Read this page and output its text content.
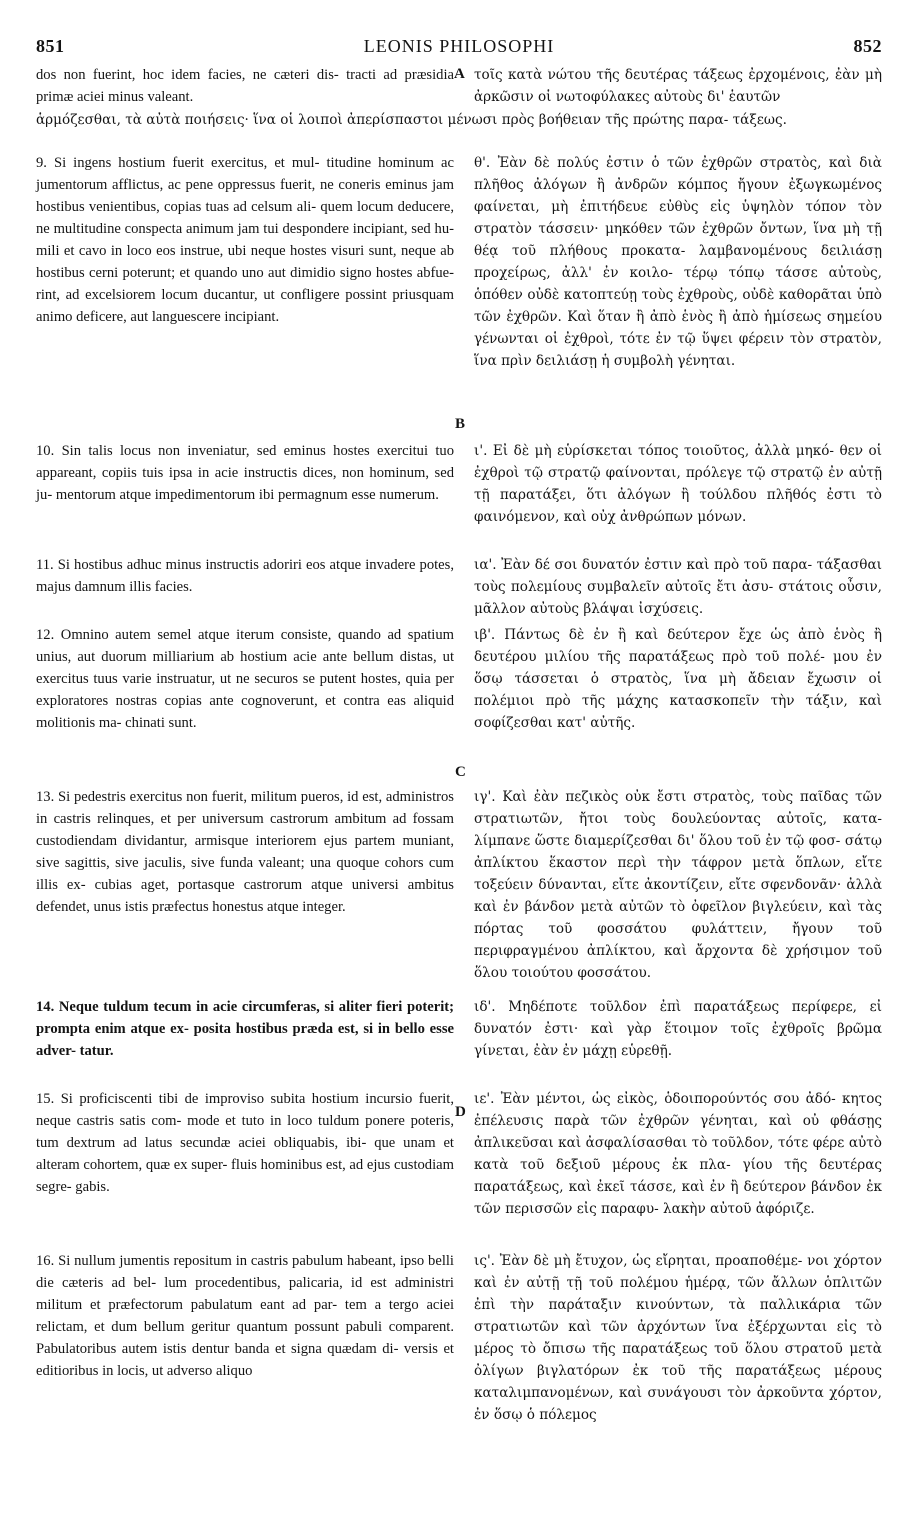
851	LEONIS PHILOSOPHI	852

dos non fuerint, hoc idem facies, ne cæteri dis- tracti ad præsidia primæ aciei minus valeant.

τοῖς κατὰ νώτου τῆς δευτέρας τάξεως ἐρχομένοις, ἐὰν μὴ ἀρκῶσιν οἱ νωτοφύλακες αὐτοὺς δι' ἑαυτῶν

ἁρμόζεσθαι, τὰ αὐτὰ ποιήσεις· ἵνα οἱ λοιποὶ ἀπερίσπαστοι μένωσι πρὸς βοήθειαν τῆς πρώτης παρα- τάξεως.

9. Si ingens hostium fuerit exercitus, et mul- titudine hominum ac jumentorum afflictus, ac pene oppressus fuerit, ne coneris eminus jam hostibus venientibus, copias tuas ad celsum ali- quem locum deducere, ne multitudine conspecta animum jam tui despondere incipiant, sed hu- mili et cavo in loco eos instrue, ubi neque hostes visuri sunt, neque ab hostibus cerni poterunt; et quando uno aut dimidio signo hostes abfue- rint, ad excelsiorem locum ducantur, ut confligere possint priusquam animo deficere, aut languescere incipiant.

10. Sin talis locus non inveniatur, sed eminus hostes exercitui tuo appareant, copiis tuis ipsa in acie instructis dices, non hominum, sed ju- mentorum atque impedimentorum ibi permagnum esse numerum.

11. Si hostibus adhuc minus instructis adoriri eos atque invadere potes, majus damnum illis facies.

12. Omnino autem semel atque iterum consiste, quando ad spatium unius, aut duorum milliarium ab hostium acie ante bellum distas, ut exercitus tuus varie instruatur, ut ne securos se putent hostes, quia per exploratores nostras copias ante cognoverunt, et contra eas aliquid molitionis ma- chinati sunt.

13. Si pedestris exercitus non fuerit, militum pueros, id est, administros in castris relinques, et per universum castrorum ambitum ad fossam custodiendam dividantur, armisque interiorem ejus partem muniant, sive sagittis, sive jaculis, sive funda valeant; una quoque cohors cum illis ex- cubias aget, portasque castrorum atque universi ambitus defendet, unus istis præfectus honestus atque integer.

14. Neque tuldum tecum in acie circumferas, si aliter fieri poterit; prompta enim atque ex- posita hostibus præda est, si in bello esse adver- tatur.

15. Si proficiscenti tibi de improviso subita hostium incursio fuerit, neque castris satis com- mode et tuto in loco tuldum ponere poteris, tum dextrum ad latus secundæ aciei obliquabis, ibi- que unam et alteram cohortem, quæ ex super- fluis hominibus est, ad ejus custodiam segre- gabis.

16. Si nullum jumentis repositum in castris pabulum habeant, ipso belli die cæteris ad bel- lum procedentibus, palicaria, id est administri militum et præfectorum pabulatum eant ad par- tem a tergo aciei relictam, et dum bellum geritur quantum possunt pabuli comparent. Pabulatoribus autem istis dentur banda et signa quædam di- versis et editioribus in locis, ut adverso aliquo

θ'. Ἐὰν δὲ πολύς ἐστιν ὁ τῶν ἐχθρῶν στρατὸς, καὶ διὰ πλῆθος ἀλόγων ἢ ἀνδρῶν κόμπος ἤγουν ἐξωγκωμένος φαίνεται, μὴ ἐπιτήδευε εὐθὺς εἰς ὑψηλὸν τόπον τὸν στρατὸν τάσσειν· μηκόθεν τῶν ἐχθρῶν ὄντων, ἵνα μὴ τῇ θέᾳ τοῦ πλήθους προκατα- λαμβανομένους δειλιάσῃ προχείρως, ἀλλ' ἐν κοιλο- τέρῳ τόπῳ τάσσε αὐτοὺς, ὁπόθεν οὐδὲ κατοπτεύῃ τοὺς ἐχθροὺς, οὐδὲ καθορᾶται ὑπὸ τῶν ἐχθρῶν. Καὶ ὅταν ἢ ἀπὸ ἑνὸς ἢ ἀπὸ ἡμίσεως σημείου γένωνται οἱ ἐχθροὶ, τότε ἐν τῷ ὕψει φέρειν τὸν στρατὸν, ἵνα πρὶν δειλιάσῃ ἡ συμβολὴ γένηται.

ι'. Εἰ δὲ μὴ εὑρίσκεται τόπος τοιοῦτος, ἀλλὰ μηκό- θεν οἱ ἐχθροὶ τῷ στρατῷ φαίνονται, πρόλεγε τῷ στρατῷ ἐν αὐτῇ τῇ παρατάξει, ὅτι ἀλόγων ἢ τούλδου πλῆθός ἐστι τὸ φαινόμενον, καὶ οὐχ ἀνθρώπων μόνων.

ια'. Ἐὰν δέ σοι δυνατόν ἐστιν καὶ πρὸ τοῦ παρα- τάξασθαι τοὺς πολεμίους συμβαλεῖν αὐτοῖς ἔτι ἀσυ- στάτοις οὖσιν, μᾶλλον αὐτοὺς βλάψαι ἰσχύσεις.

ιβ'. Πάντως δὲ ἐν ἢ καὶ δεύτερον ἔχε ὡς ἀπὸ ἑνὸς ἢ δευτέρου μιλίου τῆς παρατάξεως πρὸ τοῦ πολέ- μου ἐν ὅσῳ τάσσεται ὁ στρατὸς, ἵνα μὴ ἄδειαν ἔχωσιν οἱ πολέμιοι πρὸ τῆς μάχης κατασκοπεῖν τὴν τάξιν, καὶ σοφίζεσθαι κατ' αὐτῆς.

ιγ'. Καὶ ἐὰν πεζικὸς οὐκ ἔστι στρατὸς, τοὺς παῖδας τῶν στρατιωτῶν, ἤτοι τοὺς δουλεύοντας αὐτοῖς, κατα- λίμπανε ὥστε διαμερίζεσθαι δι' ὅλου τοῦ ἐν τῷ φοσ- σάτῳ ἀπλίκτου ἕκαστον περὶ τὴν τάφρον μετὰ ὅπλων, εἴτε τοξεύειν δύνανται, εἴτε ἀκοντίζειν, εἴτε σφενδονᾶν· ἀλλὰ καὶ ἐν βάνδον μετὰ αὐτῶν τὸ ὀφεῖλον βιγλεύειν, καὶ τὰς πόρτας τοῦ φοσσάτου φυλάττειν, ἤγουν τοῦ περιφραγμένου ἀπλίκτου, καὶ ἄρχοντα δὲ χρήσιμον τοῦ ὅλου τοιούτου φοσσάτου.

ιδ'. Μηδέποτε τοῦλδον ἐπὶ παρατάξεως περίφερε, εἰ δυνατόν ἐστι· καὶ γὰρ ἕτοιμον τοῖς ἐχθροῖς βρῶμα γίνεται, ἐὰν ἐν μάχῃ εὑρεθῇ.

ιε'. Ἐὰν μέντοι, ὡς εἰκὸς, ὁδοιπορούντός σου ἀδό- κητος ἐπέλευσις παρὰ τῶν ἐχθρῶν γένηται, καὶ οὐ φθάσῃς ἀπλικεῦσαι καὶ ἀσφαλίσασθαι τὸ τοῦλδον, τότε φέρε αὐτὸ κατὰ τοῦ δεξιοῦ μέρους ἐκ πλα- γίου τῆς δευτέρας παρατάξεως, καὶ ἐκεῖ τάσσε, καὶ ἐν ἢ δεύτερον βάνδον ἐκ τῶν περισσῶν εἰς παραφυ- λακὴν αὐτοῦ ἀφόριζε.

ις'. Ἐὰν δὲ μὴ ἔτυχον, ὡς εἴρηται, προαποθέμε- νοι χόρτον καὶ ἐν αὐτῇ τῇ τοῦ πολέμου ἡμέρᾳ, τῶν ἄλλων ὁπλιτῶν ἐπὶ τὴν παράταξιν κινούντων, τὰ παλλικάρια τῶν στρατιωτῶν καὶ τῶν ἀρχόντων ἵνα ἐξέρχωνται εἰς τὸ μέρος τὸ ὄπισω τῆς παρατάξεως τοῦ ὅλου στρατοῦ μετὰ ὀλίγων βιγλατόρων ἐκ τοῦ τῆς παρατάξεως μέρους καταλιμπανομένων, καὶ συνάγουσι τὸν ἀρκοῦντα χόρτον, ἐν ὅσῳ ὁ πόλεμος

A
B
C
D
